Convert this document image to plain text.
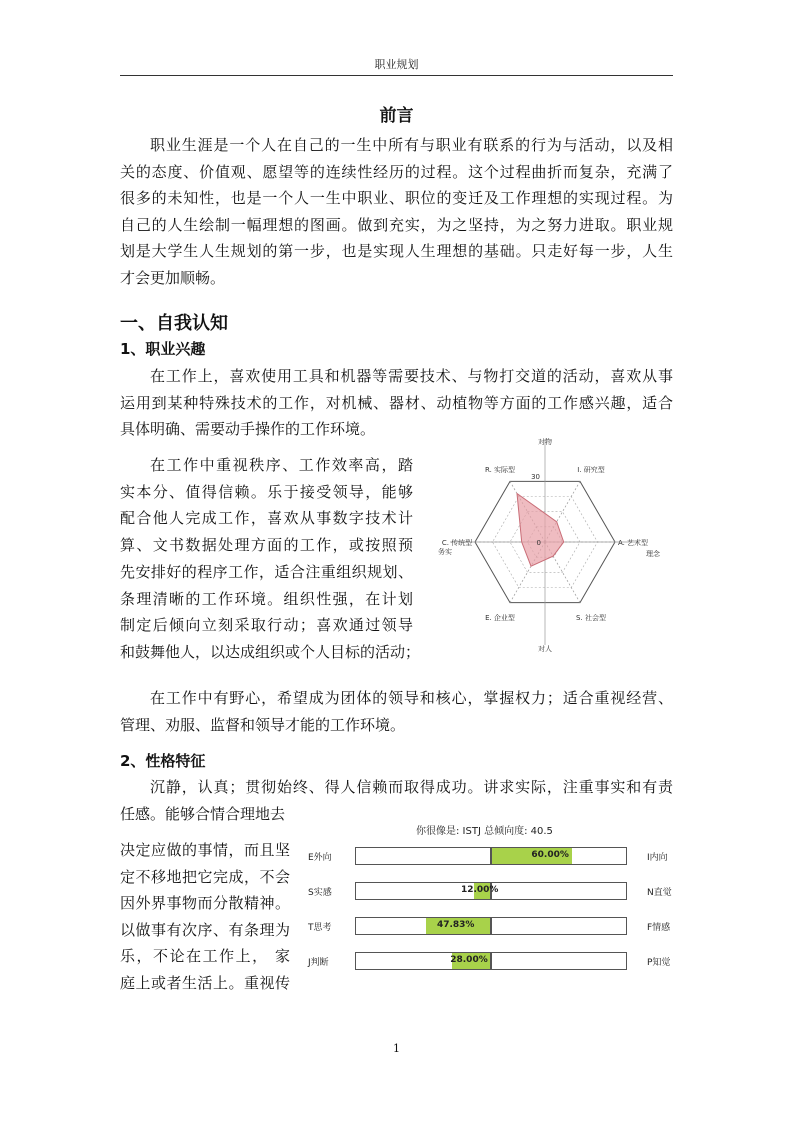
职业规划
前言
职业生涯是一个人在自己的一生中所有与职业有联系的行为与活动，以及相
关的态度、价值观、愿望等的连续性经历的过程。这个过程曲折而复杂，充满了
很多的未知性，也是一个人一生中职业、职位的变迁及工作理想的实现过程。为
自己的人生绘制一幅理想的图画。做到充实，为之坚持，为之努力进取。职业规
划是大学生人生规划的第一步，也是实现人生理想的基础。只走好每一步，人生
才会更加顺畅。
一、自我认知
1、职业兴趣
在工作上，喜欢使用工具和机器等需要技术、与物打交道的活动，喜欢从事
运用到某种特殊技术的工作，对机械、器材、动植物等方面的工作感兴趣，适合
具体明确、需要动手操作的工作环境。
在工作中重视秩序、工作效率高，踏
实本分、值得信赖。乐于接受领导，能够
配合他人完成工作，喜欢从事数字技术计
算、文书数据处理方面的工作，或按照预
先安排好的程序工作，适合注重组织规划、
条理清晰的工作环境。组织性强，在计划
制定后倾向立刻采取行动；喜欢通过领导
和鼓舞他人，以达成组织或个人目标的活动；
在工作中有野心，希望成为团体的领导和核心，掌握权力；适合重视经营、
管理、劝服、监督和领导才能的工作环境。
R. 实际型	I. 研究型
A. 艺术型
S. 社会型
E. 企业型
C. 传统型
对物
对人
务实	理念
30
0
2、性格特征
沉静，认真；贯彻始终、得人信赖而取得成功。讲求实际，注重事实和有责
任感。能够合情合理地去
决定应做的事情，而且坚
定不移地把它完成，不会
因外界事物而分散精神。
以做事有次序、有条理为
乐，不论在工作上， 家
庭上或者生活上。重视传
你很像是: ISTJ 总倾向度: 40.5
E外向	I内向
60.00%
S实感	N直觉
12.00%
T思考	F情感
47.83%
J判断	P知觉
28.00%
1
